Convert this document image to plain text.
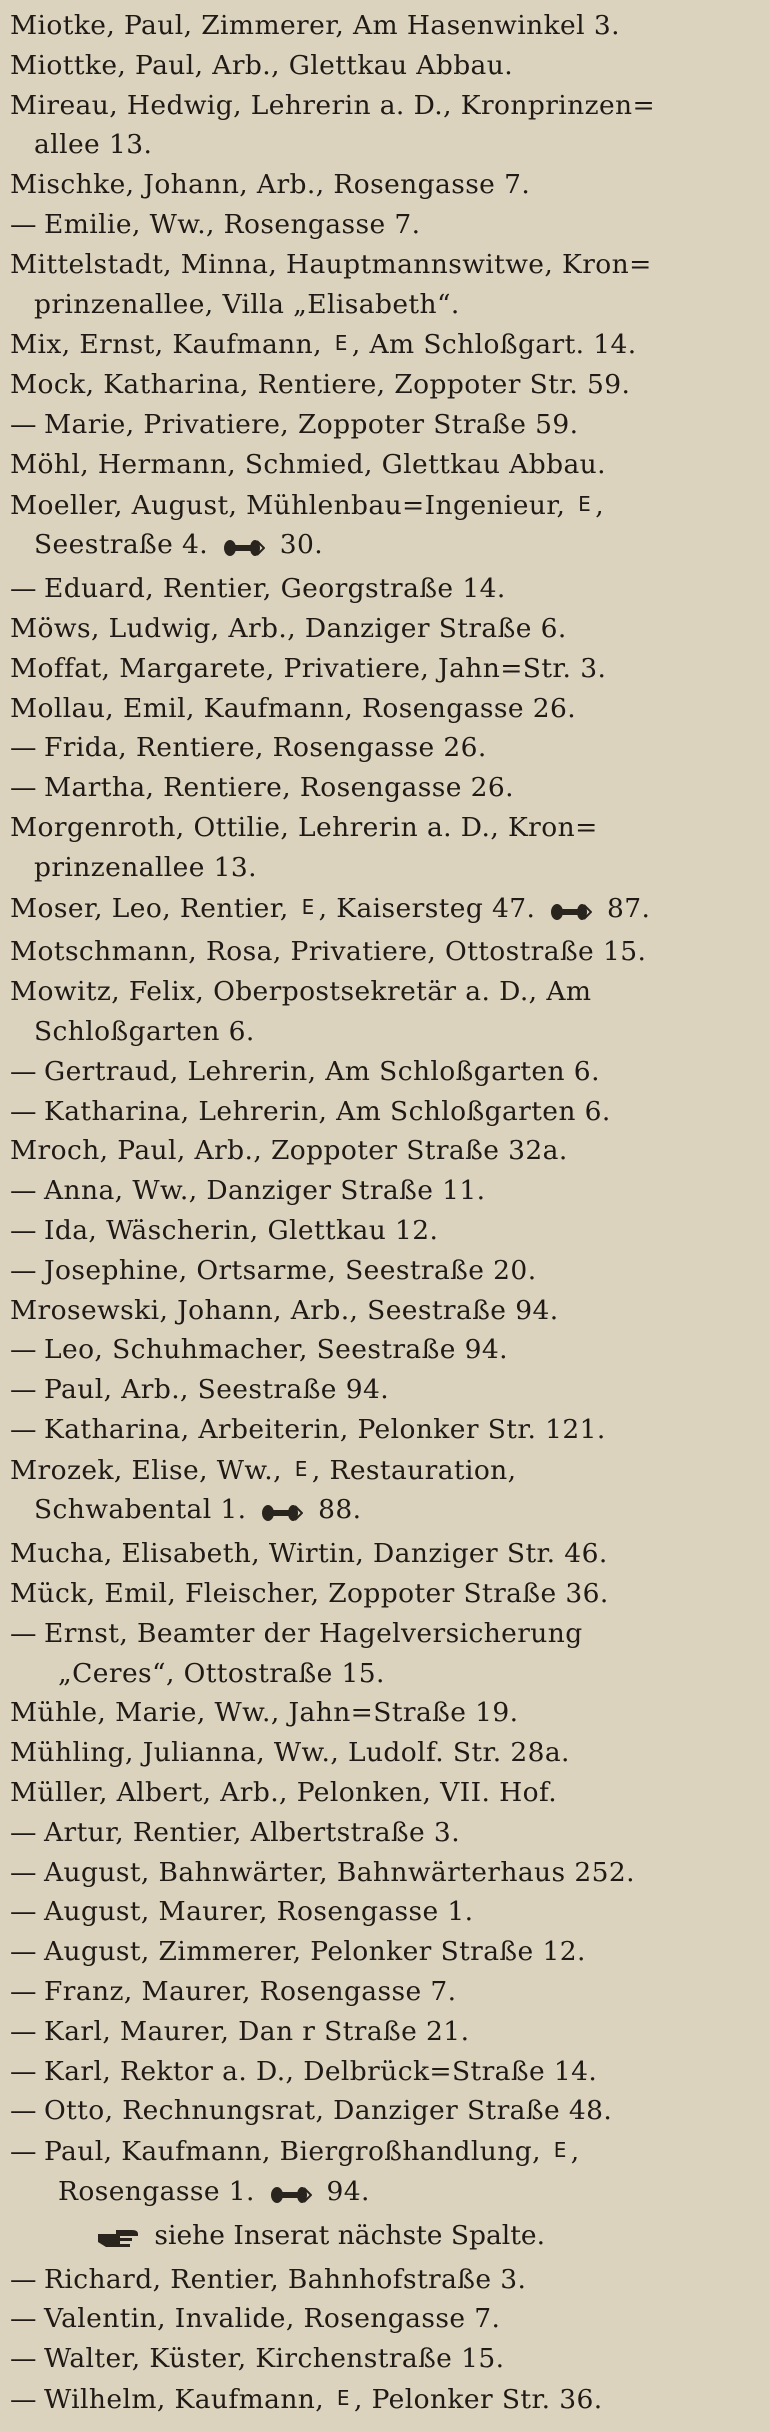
Miotke, Paul, Zimmerer, Am Hasenwinkel 3.
Miottke, Paul, Arb., Glettkau Abbau.
Mireau, Hedwig, Lehrerin a. D., Kronprinzen=
allee 13.
Mischke, Johann, Arb., Rosengasse 7.
— Emilie, Ww., Rosengasse 7.
Mittelstadt, Minna, Hauptmannswitwe, Kron=
prinzenallee, Villa „Elisabeth“.
Mix, Ernst, Kaufmann, E , Am Schloßgart. 14.
Mock, Katharina, Rentiere, Zoppoter Str. 59.
— Marie, Privatiere, Zoppoter Straße 59.
Möhl, Hermann, Schmied, Glettkau Abbau.
Moeller, August, Mühlenbau=Ingenieur, E ,
Seestraße 4.  30.
— Eduard, Rentier, Georgstraße 14.
Möws, Ludwig, Arb., Danziger Straße 6.
Moffat, Margarete, Privatiere, Jahn=Str. 3.
Mollau, Emil, Kaufmann, Rosengasse 26.
— Frida, Rentiere, Rosengasse 26.
— Martha, Rentiere, Rosengasse 26.
Morgenroth, Ottilie, Lehrerin a. D., Kron=
prinzenallee 13.
Moser, Leo, Rentier, E , Kaisersteg 47.  87.
Motschmann, Rosa, Privatiere, Ottostraße 15.
Mowitz, Felix, Oberpostsekretär a. D., Am
Schloßgarten 6.
— Gertraud, Lehrerin, Am Schloßgarten 6.
— Katharina, Lehrerin, Am Schloßgarten 6.
Mroch, Paul, Arb., Zoppoter Straße 32a.
— Anna, Ww., Danziger Straße 11.
— Ida, Wäscherin, Glettkau 12.
— Josephine, Ortsarme, Seestraße 20.
Mrosewski, Johann, Arb., Seestraße 94.
— Leo, Schuhmacher, Seestraße 94.
— Paul, Arb., Seestraße 94.
— Katharina, Arbeiterin, Pelonker Str. 121.
Mrozek, Elise, Ww., E , Restauration,
Schwabental 1.  88.
Mucha, Elisabeth, Wirtin, Danziger Str. 46.
Mück, Emil, Fleischer, Zoppoter Straße 36.
— Ernst, Beamter der Hagelversicherung
„Ceres“, Ottostraße 15.
Mühle, Marie, Ww., Jahn=Straße 19.
Mühling, Julianna, Ww., Ludolf. Str. 28a.
Müller, Albert, Arb., Pelonken, VII. Hof.
— Artur, Rentier, Albertstraße 3.
— August, Bahnwärter, Bahnwärterhaus 252.
— August, Maurer, Rosengasse 1.
— August, Zimmerer, Pelonker Straße 12.
— Franz, Maurer, Rosengasse 7.
— Karl, Maurer, Dan r Straße 21.
— Karl, Rektor a. D., Delbrück=Straße 14.
— Otto, Rechnungsrat, Danziger Straße 48.
— Paul, Kaufmann, Biergroßhandlung, E ,
Rosengasse 1.  94.
siehe Inserat nächste Spalte.
— Richard, Rentier, Bahnhofstraße 3.
— Valentin, Invalide, Rosengasse 7.
— Walter, Küster, Kirchenstraße 15.
— Wilhelm, Kaufmann, E , Pelonker Str. 36.
